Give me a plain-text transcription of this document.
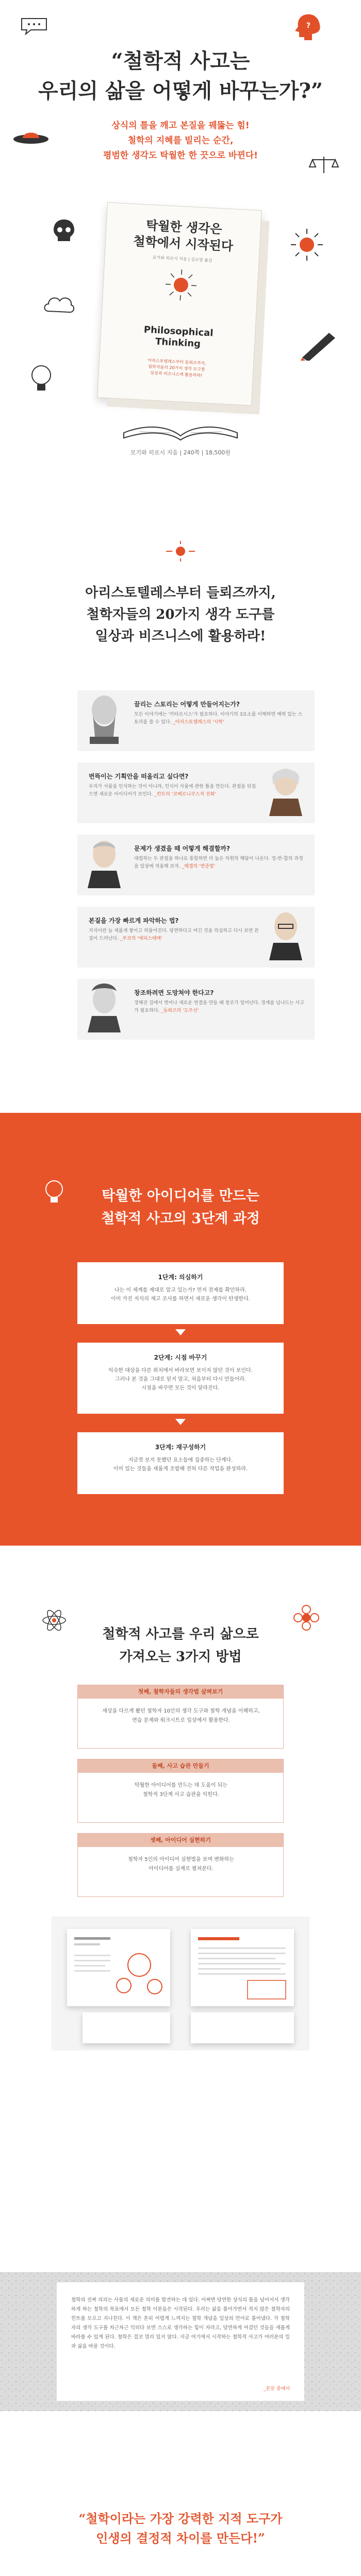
?
“철학적 사고는
우리의 삶을 어떻게 바꾸는가?”
상식의 틀을 깨고 본질을 꿰뚫는 힘!
철학의 지혜를 빌리는 순간,
평범한 생각도 탁월한 한 끗으로 바뀐다!
탁월한 생각은
철학에서 시작된다
모기와 히로시 지음 | 김소영 옮김
Philosophical
Thinking
아리스토텔레스부터 들뢰즈까지,
철학자들의 20가지 생각 도구를
일상과 비즈니스에 활용하라!
모기와 히로시 지음 | 240쪽 | 18,500원
아리스토텔레스부터 들뢰즈까지,
철학자들의 20가지 생각 도구를
일상과 비즈니스에 활용하라!
끌리는 스토리는 어떻게 만들어지는가?
모든 이야기에는 '카타르시스'가 필요하다. 이야기의 3요소를 이해하면 매력 있는 스토리를 쓸 수 있다. _아리스토텔레스의 '시학'
번뜩이는 기획안을 떠올리고 싶다면?
우리가 사물을 인식하는 것이 아니라, 인식이 사물에 관한 틀을 만든다. 관점을 뒤집으면 새로운 아이디어가 보인다. _칸트의 '코페르니쿠스적 전회'
문제가 생겼을 때 어떻게 해결할까?
대립하는 두 관점을 하나로 통합하면 더 높은 차원의 해답이 나온다. 정-반-합의 과정을 일상에 적용해 보자. _헤겔의 '변증법'
본질을 가장 빠르게 파악하는 법?
지식이란 늘 새롭게 쌓이고 허물어진다. 당연하다고 여긴 것을 의심하고 다시 보면 본질이 드러난다. _푸코의 '에피스테메'
창조하려면 도망쳐야 한다고?
정해진 길에서 벗어나 새로운 연결을 만들 때 창조가 일어난다. 경계를 넘나드는 사고가 필요하다. _들뢰즈의 '도주선'
탁월한 아이디어를 만드는
철학적 사고의 3단계 과정
1단계: 의심하기
나는 이 세계를 제대로 알고 있는가? 먼저 전제를 확인하라.
이미 가진 지식의 재고 조사를 하면서 새로운 생각이 탄생한다.
2단계: 시점 바꾸기
익숙한 대상을 다른 위치에서 바라보면 보이지 않던 것이 보인다.
그러나 본 것을 그대로 믿지 말고, 처음부터 다시 만들어라.
시점을 바꾸면 모든 것이 달라진다.
3단계: 재구성하기
지금껏 보지 못했던 요소들에 집중하는 단계다.
이미 있는 것들을 새롭게 조합해 전혀 다른 작업을 완성하라.
철학적 사고를 우리 삶으로
가져오는 3가지 방법
첫째, 철학자들의 생각법 살펴보기
세상을 다르게 봤던 철학자 10인의 생각 도구와 철학 개념을 이해하고,
연습 문제와 워크시트로 일상에서 활용한다.
둘째, 사고 습관 만들기
탁월한 아이디어를 만드는 데 도움이 되는
철학적 3단계 사고 습관을 익힌다.
셋째, 아이디어 실현하기
철학자 5인의 아이디어 실현법을 보며 변화하는
아이디어를 실제로 펼쳐본다.
철학의 진짜 의의는 사물의 세로운 의미를 발견하는 데 있다. 어쩌면 당연한 상식의 틀을 넘어서서 생각하게 하는 철학의 목표에서 모든 철학 이론들은 시작된다. 우리는 삶을 풀어가면서 적지 않은 철학자의 힌트를 모르고 지나친다. 이 책은 흔히 어렵게 느껴지는 철학 개념을 일상의 언어로 풀어냈다. 각 철학자의 생각 도구를 차근차근 익히다 보면 스스로 생각하는 힘이 자라고, 당연하게 여겼던 것들을 새롭게 바라볼 수 있게 된다. 철학은 결코 멀리 있지 않다. 지금 여기에서 시작하는 철학적 사고가 여러분의 일과 삶을 바꿀 것이다.
_본문 중에서
“철학이라는 가장 강력한 지적 도구가
인생의 결정적 차이를 만든다!”
